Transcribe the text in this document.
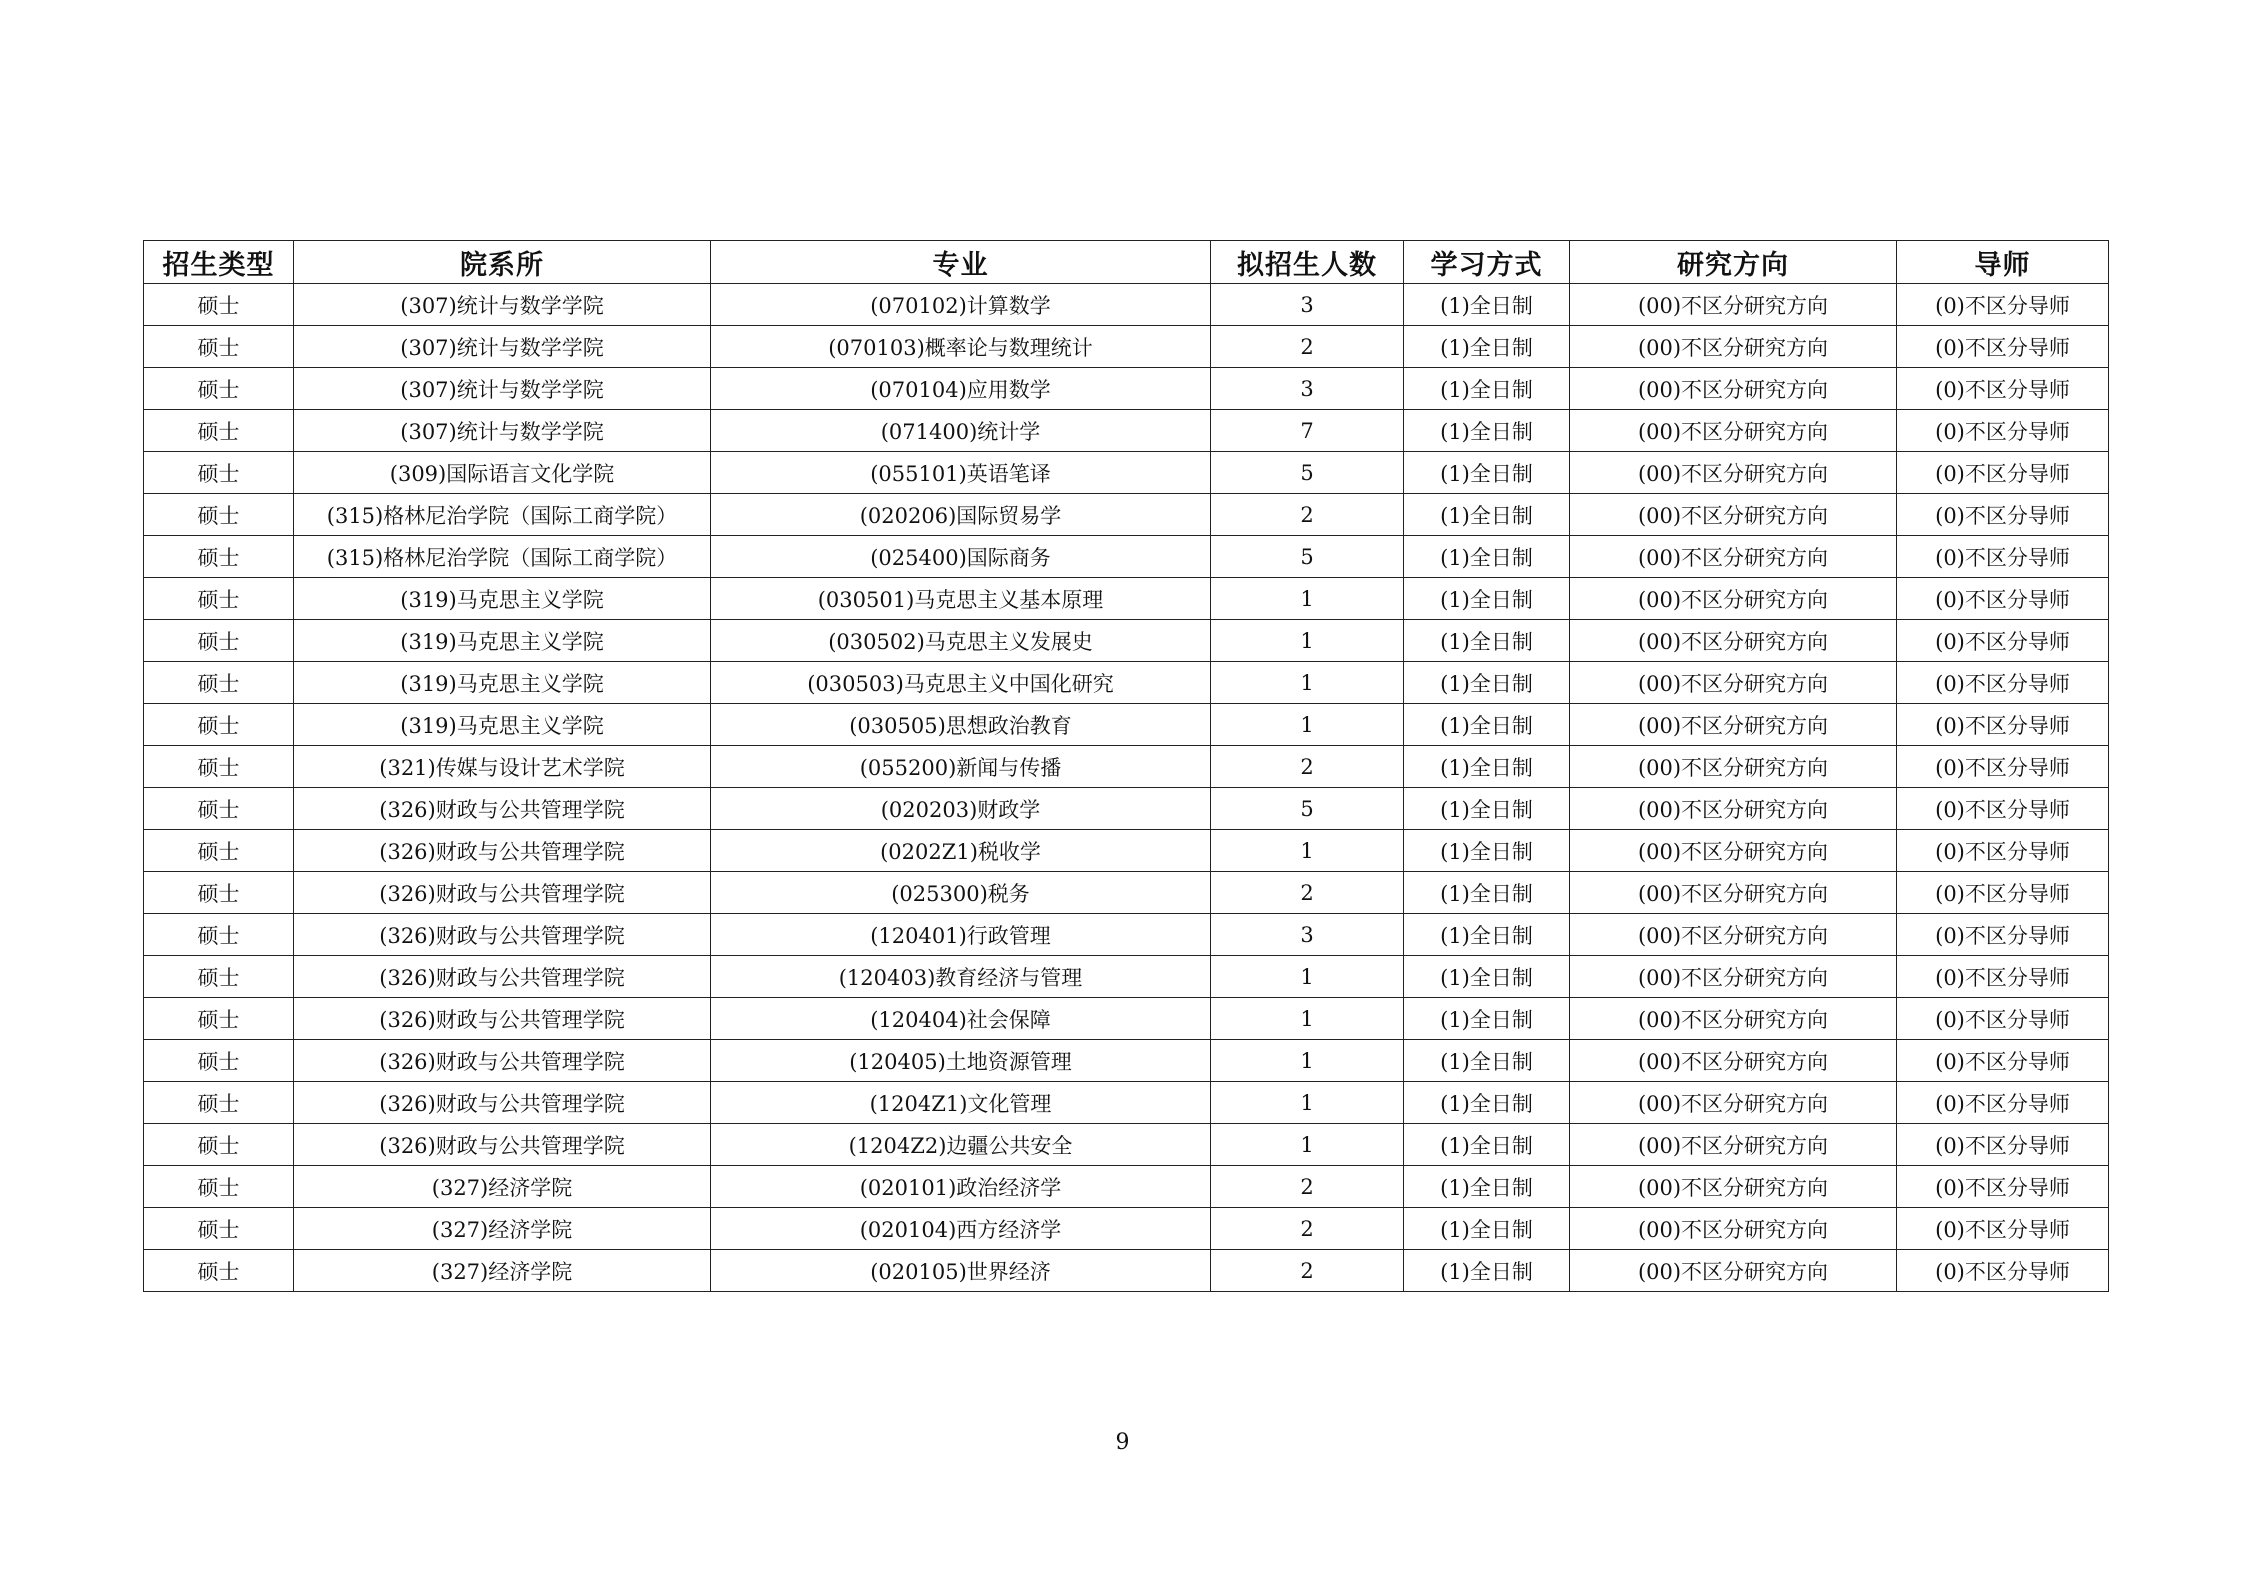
招生类型	院系所	专业	拟招生人数	学习方式	研究方向	导师
硕士	(307)统计与数学学院	(070102)计算数学	3	(1)全日制	(00)不区分研究方向	(0)不区分导师
硕士	(307)统计与数学学院	(070103)概率论与数理统计	2	(1)全日制	(00)不区分研究方向	(0)不区分导师
硕士	(307)统计与数学学院	(070104)应用数学	3	(1)全日制	(00)不区分研究方向	(0)不区分导师
硕士	(307)统计与数学学院	(071400)统计学	7	(1)全日制	(00)不区分研究方向	(0)不区分导师
硕士	(309)国际语言文化学院	(055101)英语笔译	5	(1)全日制	(00)不区分研究方向	(0)不区分导师
硕士	(315)格林尼治学院（国际工商学院）	(020206)国际贸易学	2	(1)全日制	(00)不区分研究方向	(0)不区分导师
硕士	(315)格林尼治学院（国际工商学院）	(025400)国际商务	5	(1)全日制	(00)不区分研究方向	(0)不区分导师
硕士	(319)马克思主义学院	(030501)马克思主义基本原理	1	(1)全日制	(00)不区分研究方向	(0)不区分导师
硕士	(319)马克思主义学院	(030502)马克思主义发展史	1	(1)全日制	(00)不区分研究方向	(0)不区分导师
硕士	(319)马克思主义学院	(030503)马克思主义中国化研究	1	(1)全日制	(00)不区分研究方向	(0)不区分导师
硕士	(319)马克思主义学院	(030505)思想政治教育	1	(1)全日制	(00)不区分研究方向	(0)不区分导师
硕士	(321)传媒与设计艺术学院	(055200)新闻与传播	2	(1)全日制	(00)不区分研究方向	(0)不区分导师
硕士	(326)财政与公共管理学院	(020203)财政学	5	(1)全日制	(00)不区分研究方向	(0)不区分导师
硕士	(326)财政与公共管理学院	(0202Z1)税收学	1	(1)全日制	(00)不区分研究方向	(0)不区分导师
硕士	(326)财政与公共管理学院	(025300)税务	2	(1)全日制	(00)不区分研究方向	(0)不区分导师
硕士	(326)财政与公共管理学院	(120401)行政管理	3	(1)全日制	(00)不区分研究方向	(0)不区分导师
硕士	(326)财政与公共管理学院	(120403)教育经济与管理	1	(1)全日制	(00)不区分研究方向	(0)不区分导师
硕士	(326)财政与公共管理学院	(120404)社会保障	1	(1)全日制	(00)不区分研究方向	(0)不区分导师
硕士	(326)财政与公共管理学院	(120405)土地资源管理	1	(1)全日制	(00)不区分研究方向	(0)不区分导师
硕士	(326)财政与公共管理学院	(1204Z1)文化管理	1	(1)全日制	(00)不区分研究方向	(0)不区分导师
硕士	(326)财政与公共管理学院	(1204Z2)边疆公共安全	1	(1)全日制	(00)不区分研究方向	(0)不区分导师
硕士	(327)经济学院	(020101)政治经济学	2	(1)全日制	(00)不区分研究方向	(0)不区分导师
硕士	(327)经济学院	(020104)西方经济学	2	(1)全日制	(00)不区分研究方向	(0)不区分导师
硕士	(327)经济学院	(020105)世界经济	2	(1)全日制	(00)不区分研究方向	(0)不区分导师
9
